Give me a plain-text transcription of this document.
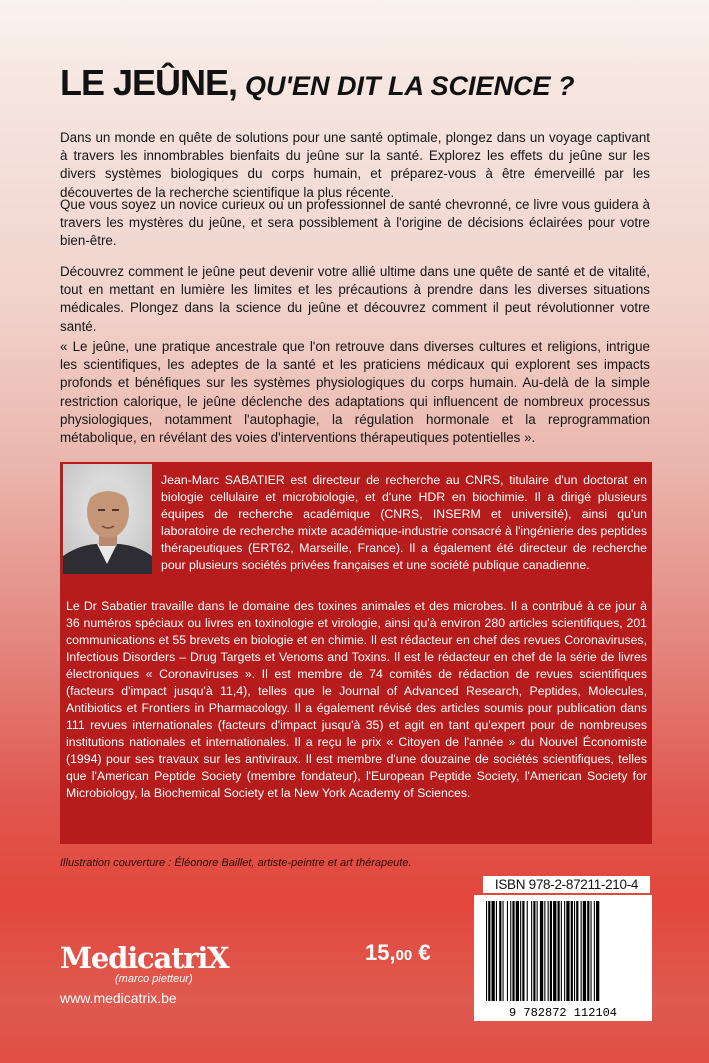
LE JEÛNE, QU'EN DIT LA SCIENCE ?

Dans un monde en quête de solutions pour une santé optimale, plongez dans un voyage captivant à travers les innombrables bienfaits du jeûne sur la santé. Explorez les effets du jeûne sur les divers systèmes biologiques du corps humain, et préparez-vous à être émerveillé par les découvertes de la recherche scientifique la plus récente.

Que vous soyez un novice curieux ou un professionnel de santé chevronné, ce livre vous guidera à travers les mystères du jeûne, et sera possiblement à l'origine de décisions éclairées pour votre bien-être.

Découvrez comment le jeûne peut devenir votre allié ultime dans une quête de santé et de vitalité, tout en mettant en lumière les limites et les précautions à prendre dans les diverses situations médicales. Plongez dans la science du jeûne et découvrez comment il peut révolutionner votre santé.

« Le jeûne, une pratique ancestrale que l'on retrouve dans diverses cultures et religions, intrigue les scientifiques, les adeptes de la santé et les praticiens médicaux qui explorent ses impacts profonds et bénéfiques sur les systèmes physiologiques du corps humain. Au-delà de la simple restriction calorique, le jeûne déclenche des adaptations qui influencent de nombreux processus physiologiques, notamment l'autophagie, la régulation hormonale et la reprogrammation métabolique, en révélant des voies d'interventions thérapeutiques potentielles ».

Jean-Marc SABATIER est directeur de recherche au CNRS, titulaire d'un doctorat en biologie cellulaire et microbiologie, et d'une HDR en biochimie. Il a dirigé plusieurs équipes de recherche académique (CNRS, INSERM et université), ainsi qu'un laboratoire de recherche mixte académique-industrie consacré à l'ingénierie des peptides thérapeutiques (ERT62, Marseille, France). Il a également été directeur de recherche pour plusieurs sociétés privées françaises et une société publique canadienne.

Le Dr Sabatier travaille dans le domaine des toxines animales et des microbes. Il a contribué à ce jour à 36 numéros spéciaux ou livres en toxinologie et virologie, ainsi qu'à environ 280 articles scientifiques, 201 communications et 55 brevets en biologie et en chimie. Il est rédacteur en chef des revues Coronaviruses, Infectious Disorders – Drug Targets et Venoms and Toxins. Il est le rédacteur en chef de la série de livres électroniques « Coronaviruses ». Il est membre de 74 comités de rédaction de revues scientifiques (facteurs d'impact jusqu'à 11,4), telles que le Journal of Advanced Research, Peptides, Molecules, Antibiotics et Frontiers in Pharmacology. Il a également révisé des articles soumis pour publication dans 111 revues internationales (facteurs d'impact jusqu'à 35) et agit en tant qu'expert pour de nombreuses institutions nationales et internationales. Il a reçu le prix « Citoyen de l'année » du Nouvel Économiste (1994) pour ses travaux sur les antiviraux. Il est membre d'une douzaine de sociétés scientifiques, telles que l'American Peptide Society (membre fondateur), l'European Peptide Society, l'American Society for Microbiology, la Biochemical Society et la New York Academy of Sciences.

Illustration couverture : Éléonore Baillet, artiste-peintre et art thérapeute.
ISBN 978-2-87211-210-4
9 782872 112104
15,00 €
MedicatriX
(marco pietteur)
www.medicatrix.be
